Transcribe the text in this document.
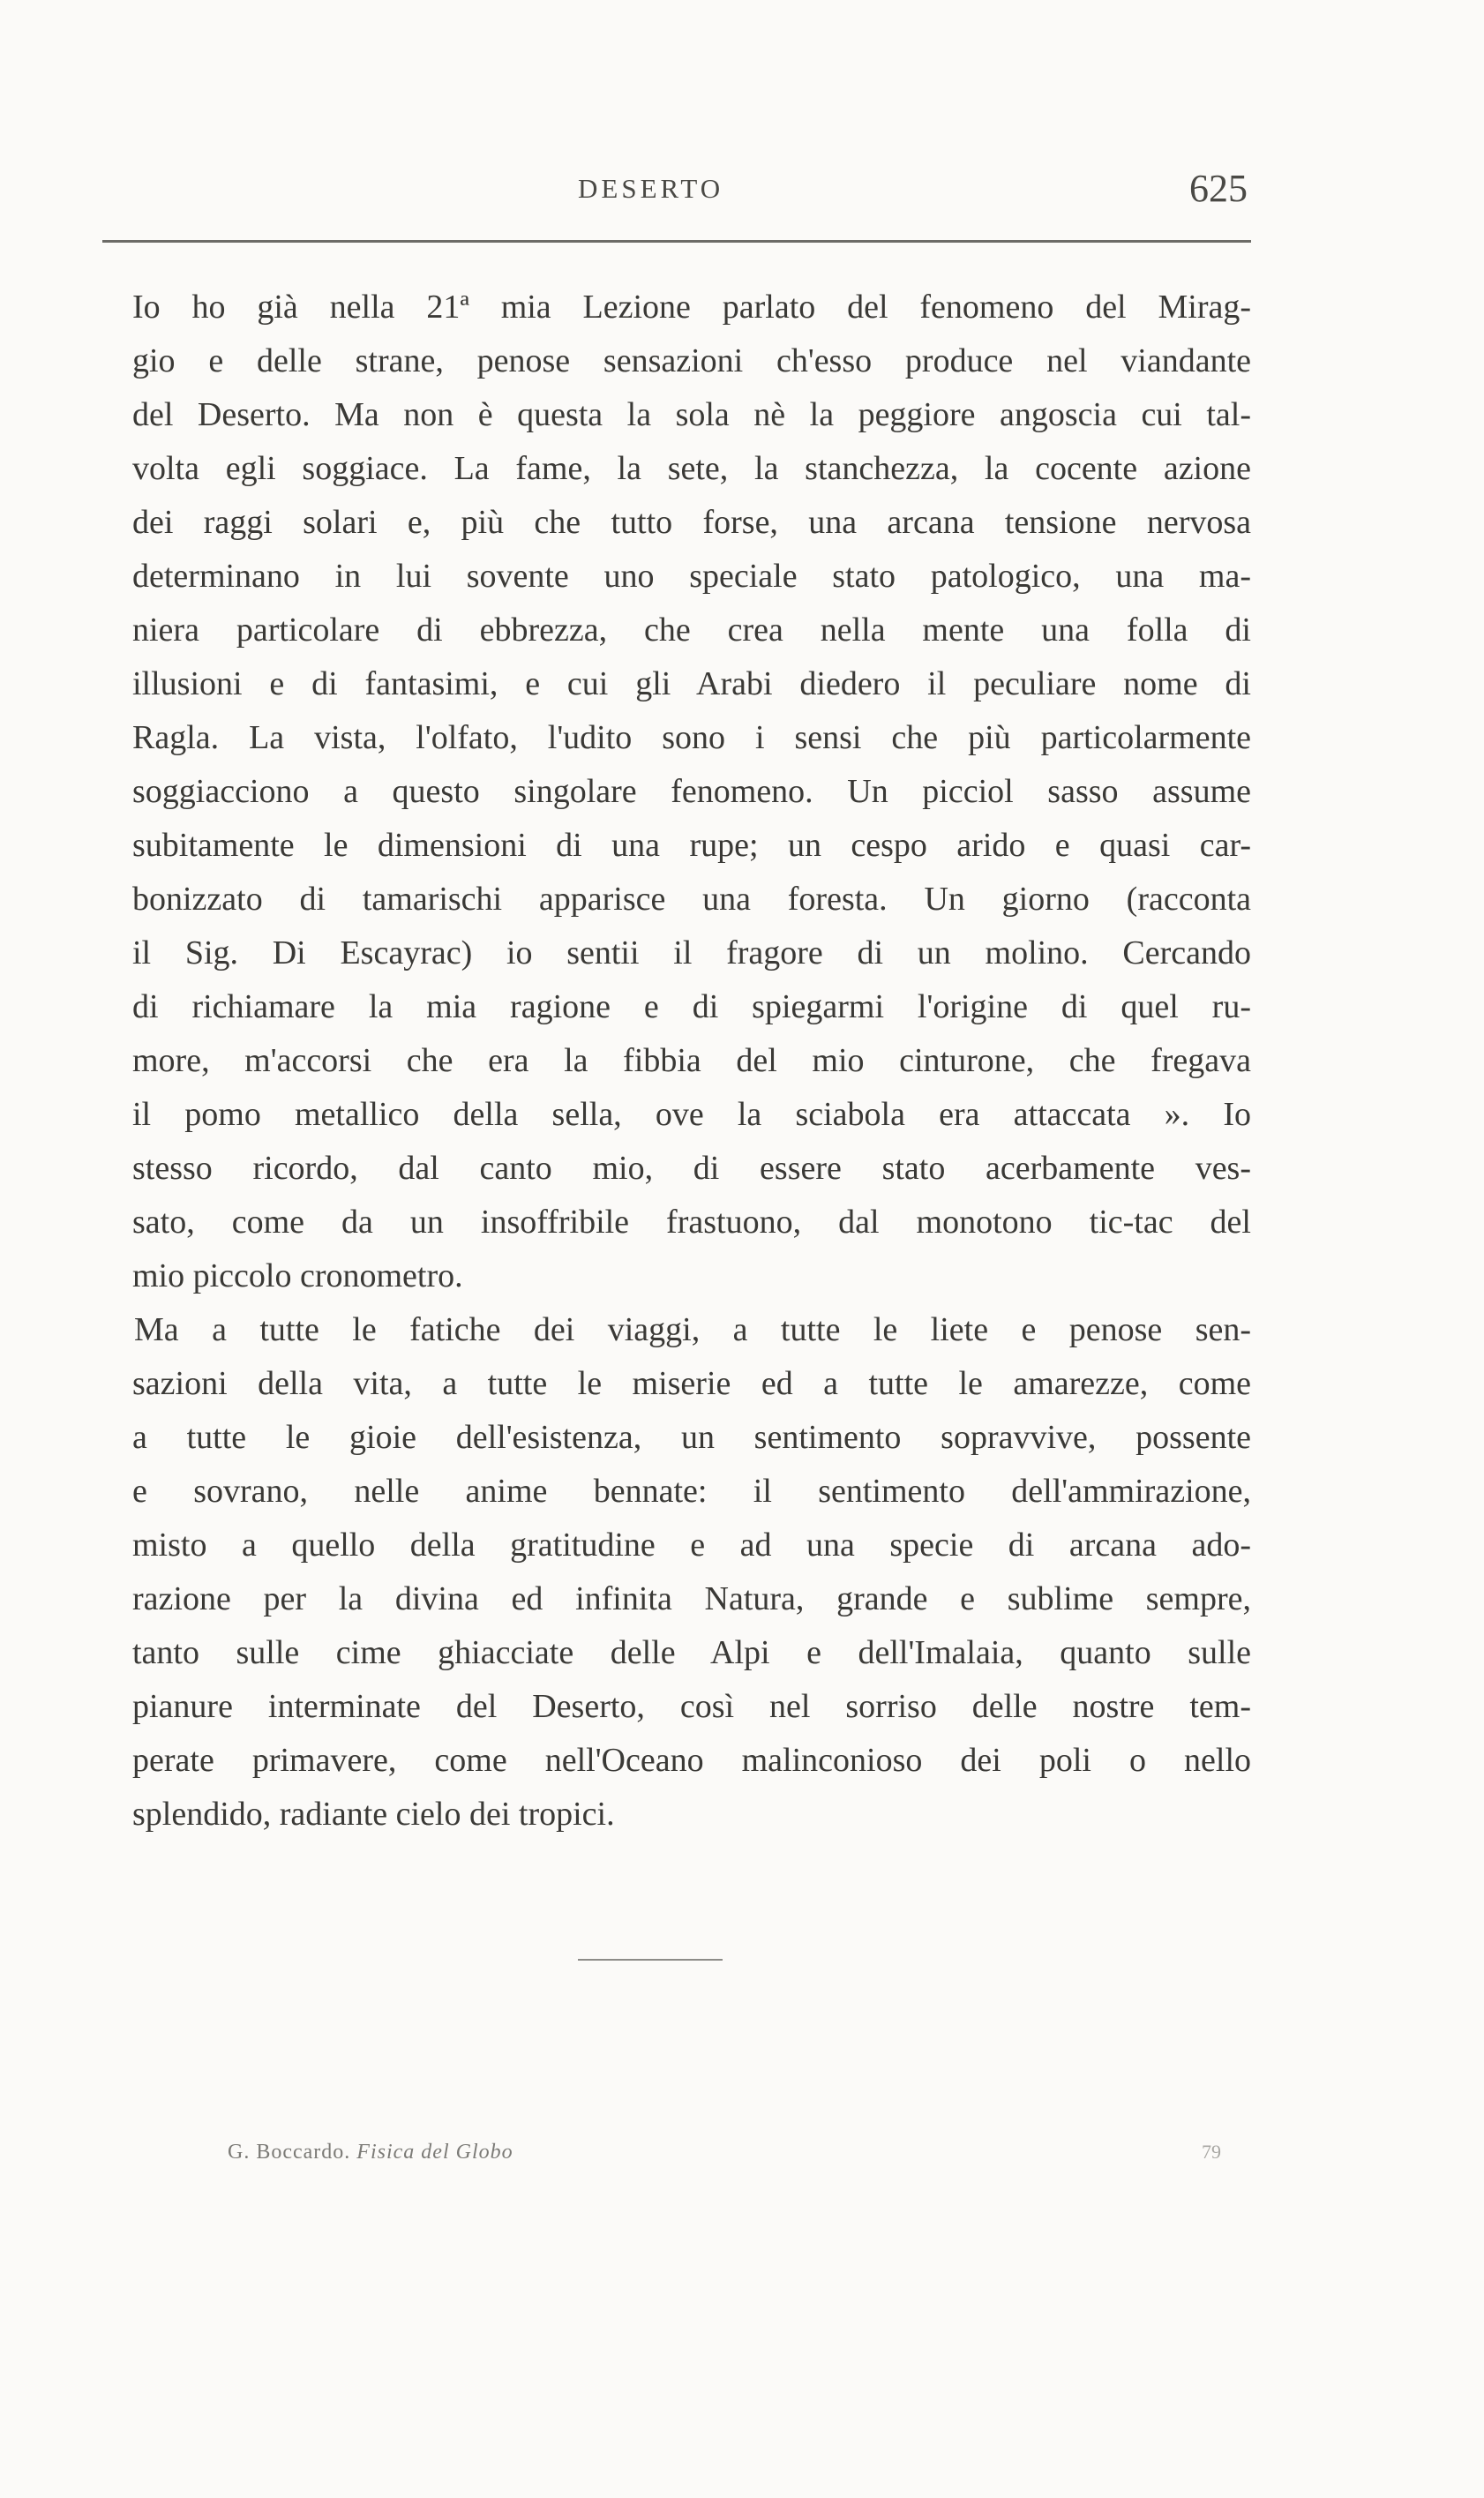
DESERTO	625
Io ho già nella 21ª mia Lezione parlato del fenomeno del Mirag-
gio e delle strane, penose sensazioni ch'esso produce nel viandante
del Deserto. Ma non è questa la sola nè la peggiore angoscia cui tal-
volta egli soggiace. La fame, la sete, la stanchezza, la cocente azione
dei raggi solari e, più che tutto forse, una arcana tensione nervosa
determinano in lui sovente uno speciale stato patologico, una ma-
niera particolare di ebbrezza, che crea nella mente una folla di
illusioni e di fantasimi, e cui gli Arabi diedero il peculiare nome di
Ragla. La vista, l'olfato, l'udito sono i sensi che più particolarmente
soggiacciono a questo singolare fenomeno. Un picciol sasso assume
subitamente le dimensioni di una rupe; un cespo arido e quasi car-
bonizzato di tamarischi apparisce una foresta. Un giorno (racconta
il Sig. Di Escayrac) io sentii il fragore di un molino. Cercando
di richiamare la mia ragione e di spiegarmi l'origine di quel ru-
more, m'accorsi che era la fibbia del mio cinturone, che fregava
il pomo metallico della sella, ove la sciabola era attaccata ». Io
stesso ricordo, dal canto mio, di essere stato acerbamente ves-
sato, come da un insoffribile frastuono, dal monotono tic-tac del
mio piccolo cronometro.
Ma a tutte le fatiche dei viaggi, a tutte le liete e penose sen-
sazioni della vita, a tutte le miserie ed a tutte le amarezze, come
a tutte le gioie dell'esistenza, un sentimento sopravvive, possente
e sovrano, nelle anime bennate: il sentimento dell'ammirazione,
misto a quello della gratitudine e ad una specie di arcana ado-
razione per la divina ed infinita Natura, grande e sublime sempre,
tanto sulle cime ghiacciate delle Alpi e dell'Imalaia, quanto sulle
pianure interminate del Deserto, così nel sorriso delle nostre tem-
perate primavere, come nell'Oceano malinconioso dei poli o nello
splendido, radiante cielo dei tropici.
G. Boccardo. Fisica del Globo	79
